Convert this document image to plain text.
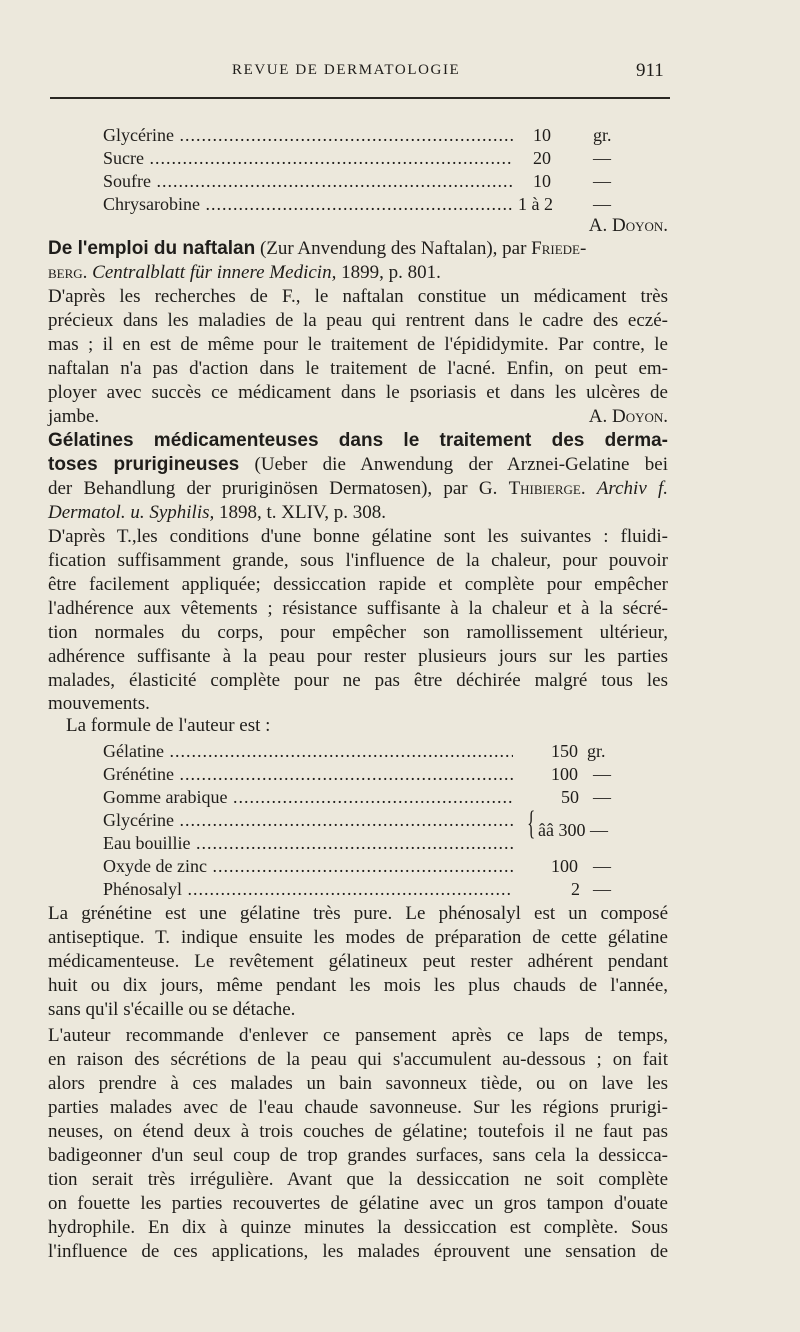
REVUE DE DERMATOLOGIE	911
Glycérine .....	10 gr.
Sucre .....	20 —
Soufre .....	10 —
Chrysarobine .....	1 à 2 —
A. Doyon.
De l'emploi du naftalan (Zur Anvendung des Naftalan), par Friede-
berg. Centralblatt für innere Medicin, 1899, p. 801.
D'après les recherches de F., le naftalan constitue un médicament très
précieux dans les maladies de la peau qui rentrent dans le cadre des eczé-
mas ; il en est de même pour le traitement de l'épididymite. Par contre, le
naftalan n'a pas d'action dans le traitement de l'acné. Enfin, on peut em-
ployer avec succès ce médicament dans le psoriasis et dans les ulcères de
jambe.	A. Doyon.
Gélatines médicamenteuses dans le traitement des derma-
toses prurigineuses (Ueber die Anwendung der Arznei-Gelatine bei
der Behandlung der pruriginösen Dermatosen), par G. Thibierge. Archiv f.
Dermatol. u. Syphilis, 1898, t. XLIV, p. 308.
D'après T.,les conditions d'une bonne gélatine sont les suivantes : fluidi-
fication suffisamment grande, sous l'influence de la chaleur, pour pouvoir
être facilement appliquée; dessiccation rapide et complète pour empêcher
l'adhérence aux vêtements ; résistance suffisante à la chaleur et à la sécré-
tion normales du corps, pour empêcher son ramollissement ultérieur,
adhérence suffisante à la peau pour rester plusieurs jours sur les parties
malades, élasticité complète pour ne pas être déchirée malgré tous les
mouvements.
La formule de l'auteur est :
Gélatine .....	150 gr.
Grénétine .....	100 —
Gomme arabique .....	50 —
Glycérine .....
Eau bouillie .....
{ ââ 300 —
Oxyde de zinc .....	100 —
Phénosalyl .....	2 —
La grénétine est une gélatine très pure. Le phénosalyl est un composé
antiseptique. T. indique ensuite les modes de préparation de cette gélatine
médicamenteuse. Le revêtement gélatineux peut rester adhérent pendant
huit ou dix jours, même pendant les mois les plus chauds de l'année,
sans qu'il s'écaille ou se détache.
L'auteur recommande d'enlever ce pansement après ce laps de temps,
en raison des sécrétions de la peau qui s'accumulent au-dessous ; on fait
alors prendre à ces malades un bain savonneux tiède, ou on lave les
parties malades avec de l'eau chaude savonneuse. Sur les régions prurigi-
neuses, on étend deux à trois couches de gélatine; toutefois il ne faut pas
badigeonner d'un seul coup de trop grandes surfaces, sans cela la dessicca-
tion serait très irrégulière. Avant que la dessiccation ne soit complète
on fouette les parties recouvertes de gélatine avec un gros tampon d'ouate
hydrophile. En dix à quinze minutes la dessiccation est complète. Sous
l'influence de ces applications, les malades éprouvent une sensation de
